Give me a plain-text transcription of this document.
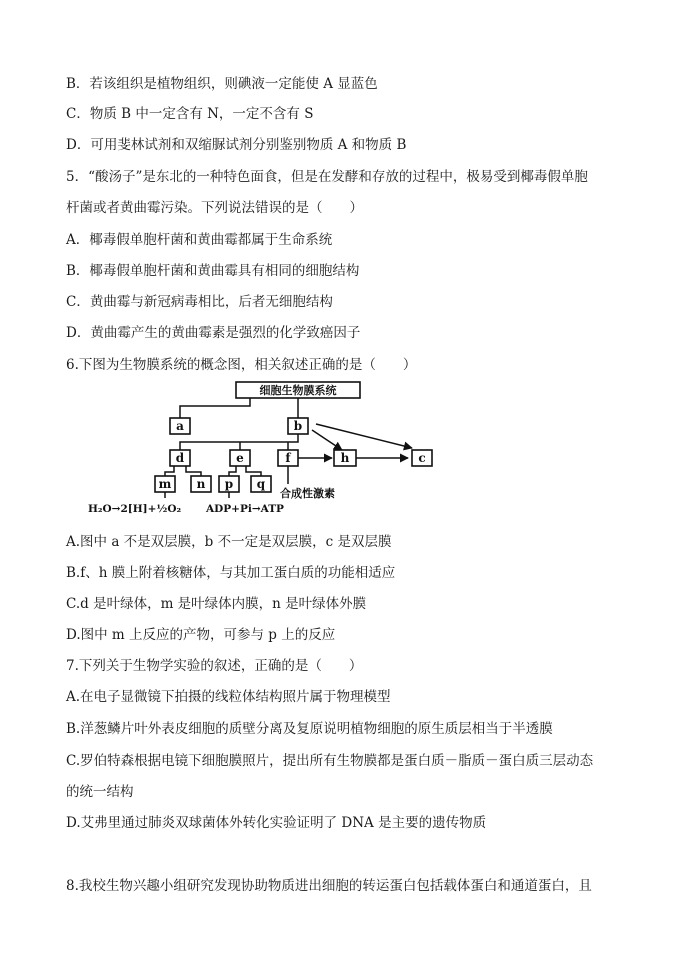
B．若该组织是植物组织，则碘液一定能使 A 显蓝色
C．物质 B 中一定含有 N，一定不含有 S
D．可用斐林试剂和双缩脲试剂分别鉴别物质 A 和物质 B
5．“酸汤子”是东北的一种特色面食，但是在发酵和存放的过程中，极易受到椰毒假单胞
杆菌或者黄曲霉污染。下列说法错误的是（　　）
A．椰毒假单胞杆菌和黄曲霉都属于生命系统
B．椰毒假单胞杆菌和黄曲霉具有相同的细胞结构
C．黄曲霉与新冠病毒相比，后者无细胞结构
D．黄曲霉产生的黄曲霉素是强烈的化学致癌因子
6.下图为生物膜系统的概念图，相关叙述正确的是（　　）
细胞生物膜系统
a	b
c
d	e	f	h
m n p q
合成性激素
H₂O→2[H]+½O₂ ADP+Pi→ATP
A.图中 a 不是双层膜，b 不一定是双层膜，c 是双层膜
B.f、h 膜上附着核糖体，与其加工蛋白质的功能相适应
C.d 是叶绿体，m 是叶绿体内膜，n 是叶绿体外膜
D.图中 m 上反应的产物，可参与 p 上的反应
7.下列关于生物学实验的叙述，正确的是（　　）
A.在电子显微镜下拍摄的线粒体结构照片属于物理模型
B.洋葱鳞片叶外表皮细胞的质壁分离及复原说明植物细胞的原生质层相当于半透膜
C.罗伯特森根据电镜下细胞膜照片，提出所有生物膜都是蛋白质－脂质－蛋白质三层动态
的统一结构
D.艾弗里通过肺炎双球菌体外转化实验证明了 DNA 是主要的遗传物质
8.我校生物兴趣小组研究发现协助物质进出细胞的转运蛋白包括载体蛋白和通道蛋白，且
